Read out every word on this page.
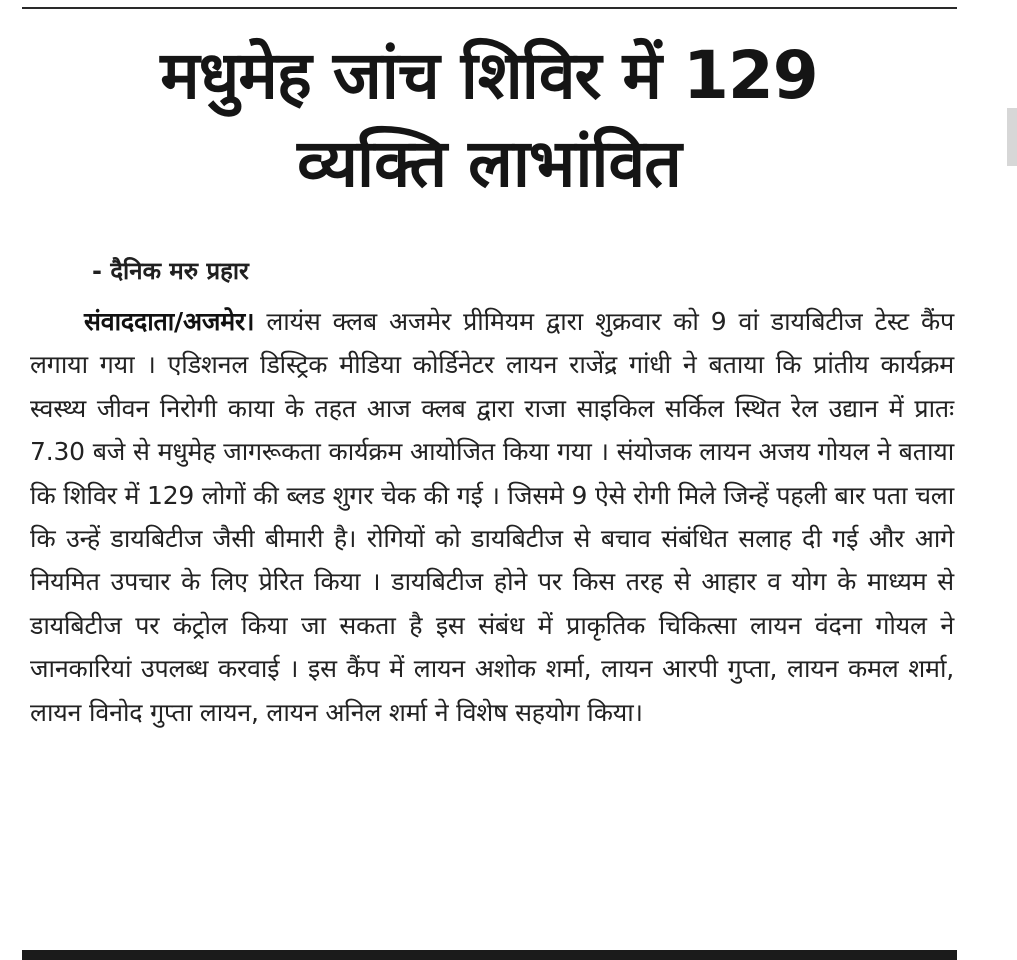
मधुमेह जांच शिविर में 129
व्यक्ति लाभांवित

- दैनिक मरु प्रहार

संवाददाता/अजमेर। लायंस क्लब अजमेर प्रीमियम द्वारा शुक्रवार को 9 वां डायबिटीज टेस्ट कैंप लगाया गया । एडिशनल डिस्ट्रिक मीडिया कोर्डिनेटर लायन राजेंद्र गांधी ने बताया कि प्रांतीय कार्यक्रम स्वस्थ्य जीवन निरोगी काया के तहत आज क्लब द्वारा राजा साइकिल सर्किल स्थित रेल उद्यान में प्रातः 7.30 बजे से मधुमेह जागरूकता कार्यक्रम आयोजित किया गया । संयोजक लायन अजय गोयल ने बताया कि शिविर में 129 लोगों की ब्लड शुगर चेक की गई । जिसमे 9 ऐसे रोगी मिले जिन्हें पहली बार पता चला कि उन्हें डायबिटीज जैसी बीमारी है। रोगियों को डायबिटीज से बचाव संबंधित सलाह दी गई और आगे नियमित उपचार के लिए प्रेरित किया । डायबिटीज होने पर किस तरह से आहार व योग के माध्यम से डायबिटीज पर कंट्रोल किया जा सकता है इस संबंध में प्राकृतिक चिकित्सा लायन वंदना गोयल ने जानकारियां उपलब्ध करवाई । इस कैंप में लायन अशोक शर्मा, लायन आरपी गुप्ता, लायन कमल शर्मा, लायन विनोद गुप्ता लायन, लायन अनिल शर्मा ने विशेष सहयोग किया।
